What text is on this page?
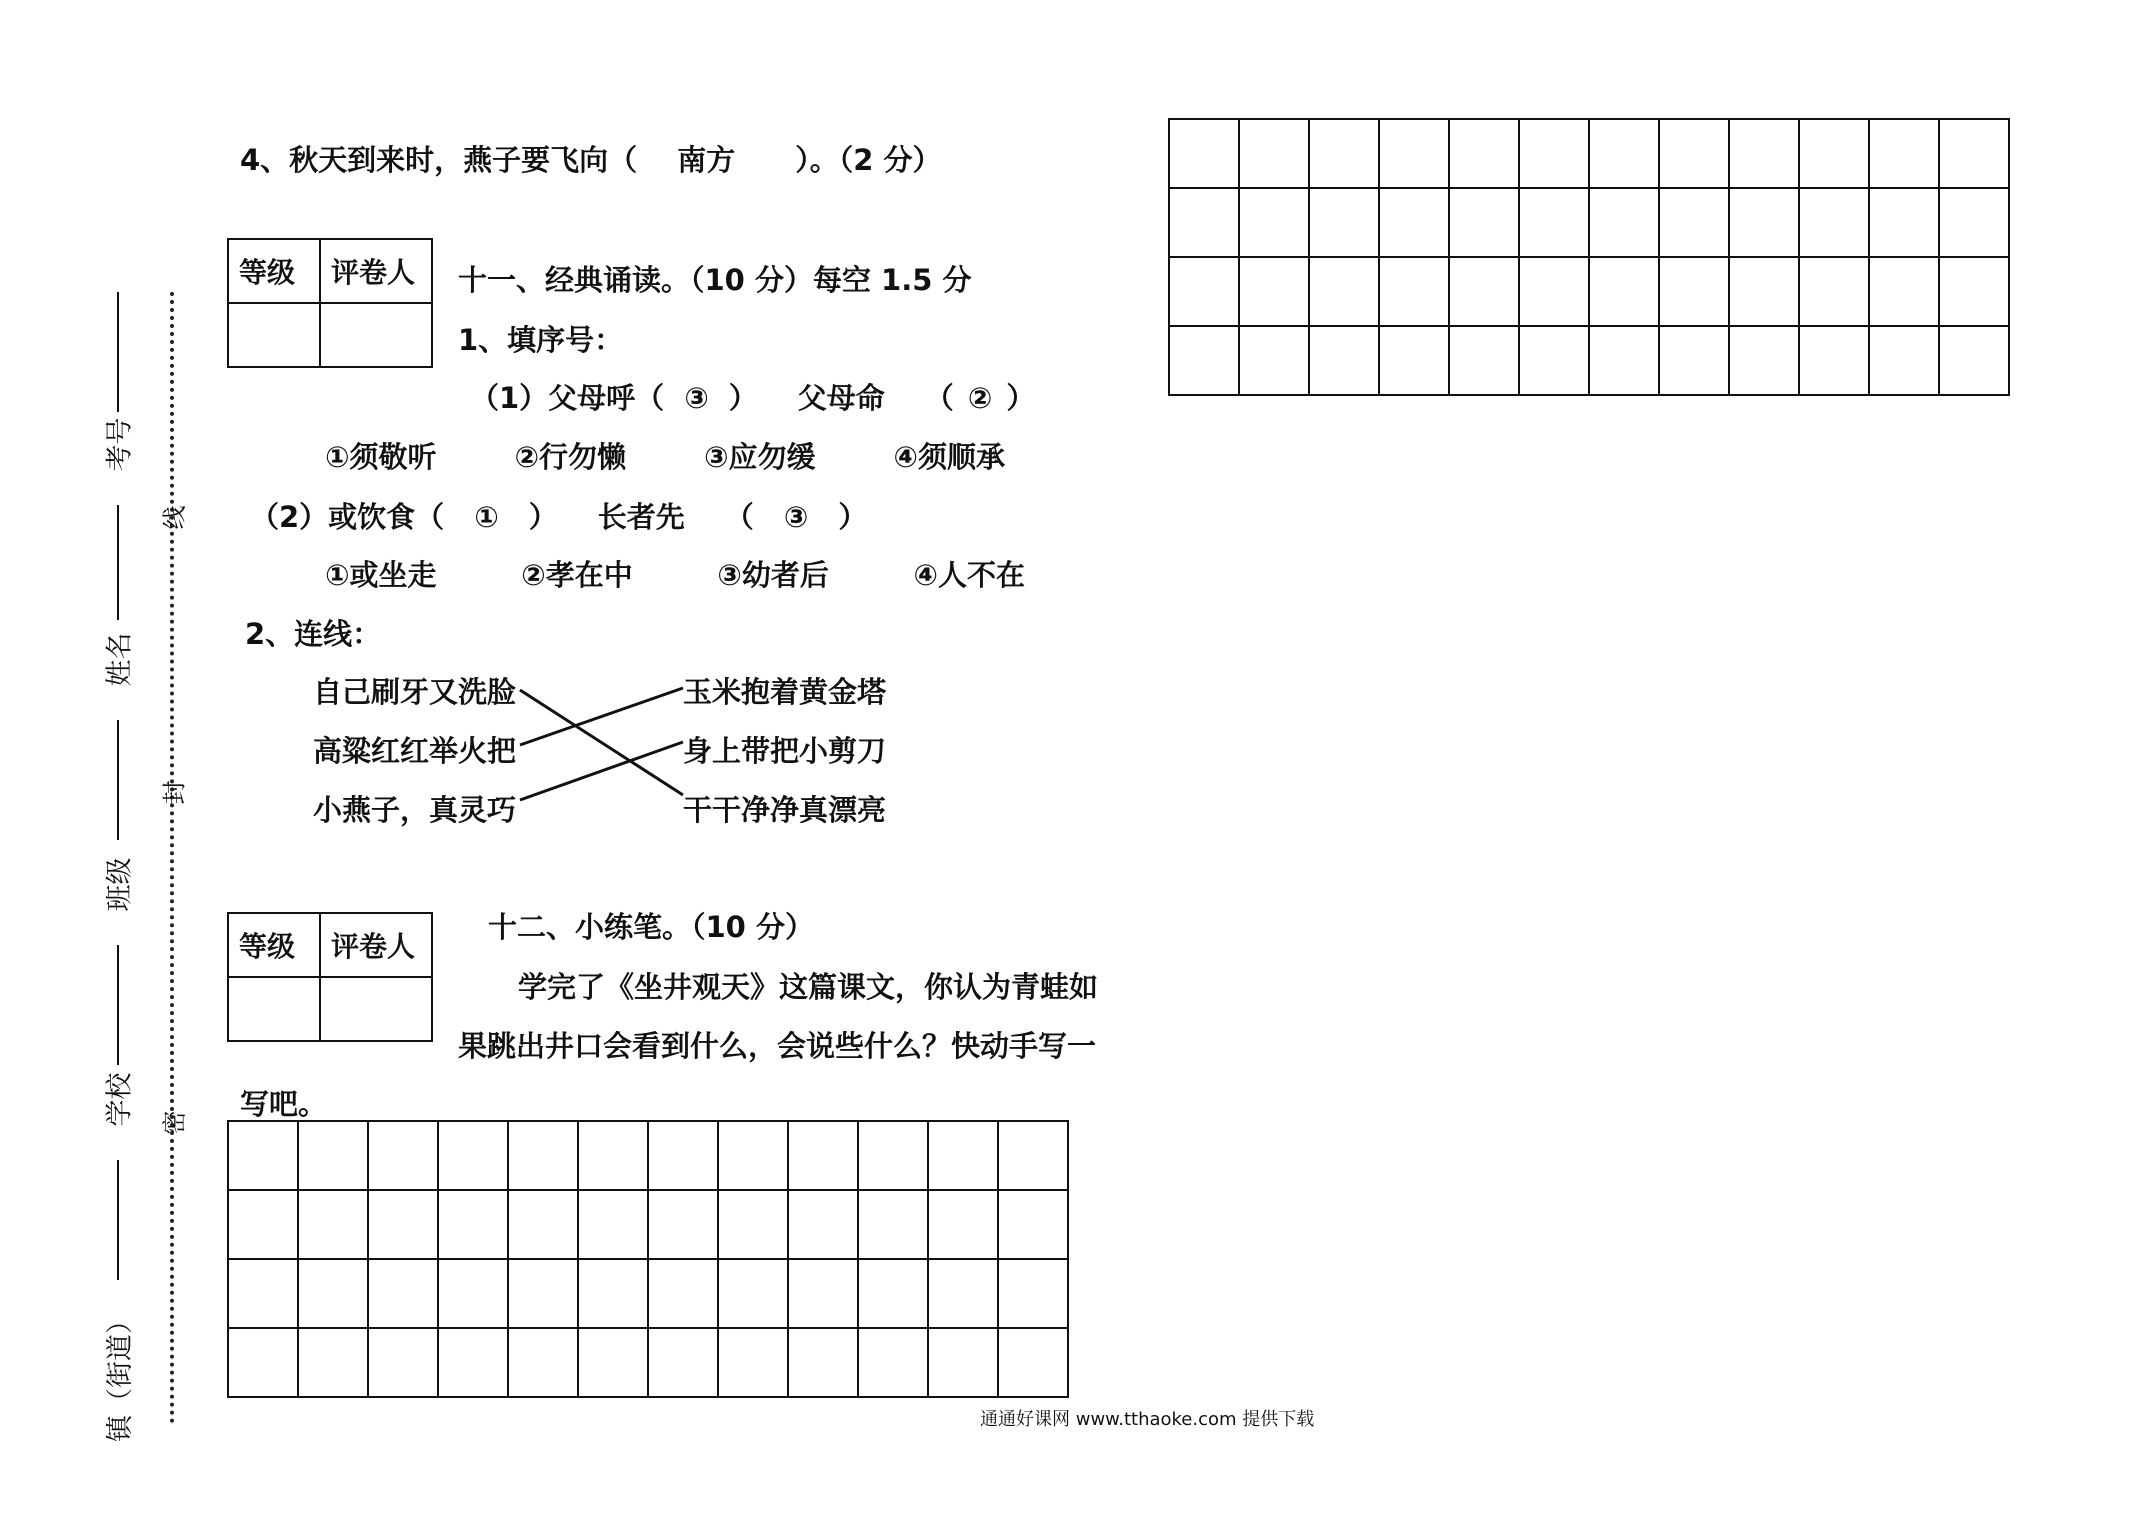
考号
姓名
班级
学校
镇（街道）
线
封
密
4、秋天到来时，燕子要飞向（ 南方 ）。（2 分）
等级	评卷人
	十一、经典诵读。（10 分）每空 1.5 分
1、填序号：
（1）父母呼（ ③ ） 父母命 （ ② ）
①须敬听	②行勿懒	③应勿缓	④须顺承
（2）或饮食（ ① ） 长者先 （ ③ ）
①或坐走	②孝在中	③幼者后	④人不在
2、连线：
自己刷牙又洗脸
高粱红红举火把
小燕子，真灵巧
玉米抱着黄金塔
身上带把小剪刀
干干净净真漂亮
等级	评卷人

十二、小练笔。（10 分）
学完了《坐井观天》这篇课文，你认为青蛙如
果跳出井口会看到什么，会说些什么？快动手写一
写吧。
通通好课网 www.tthaoke.com 提供下载
